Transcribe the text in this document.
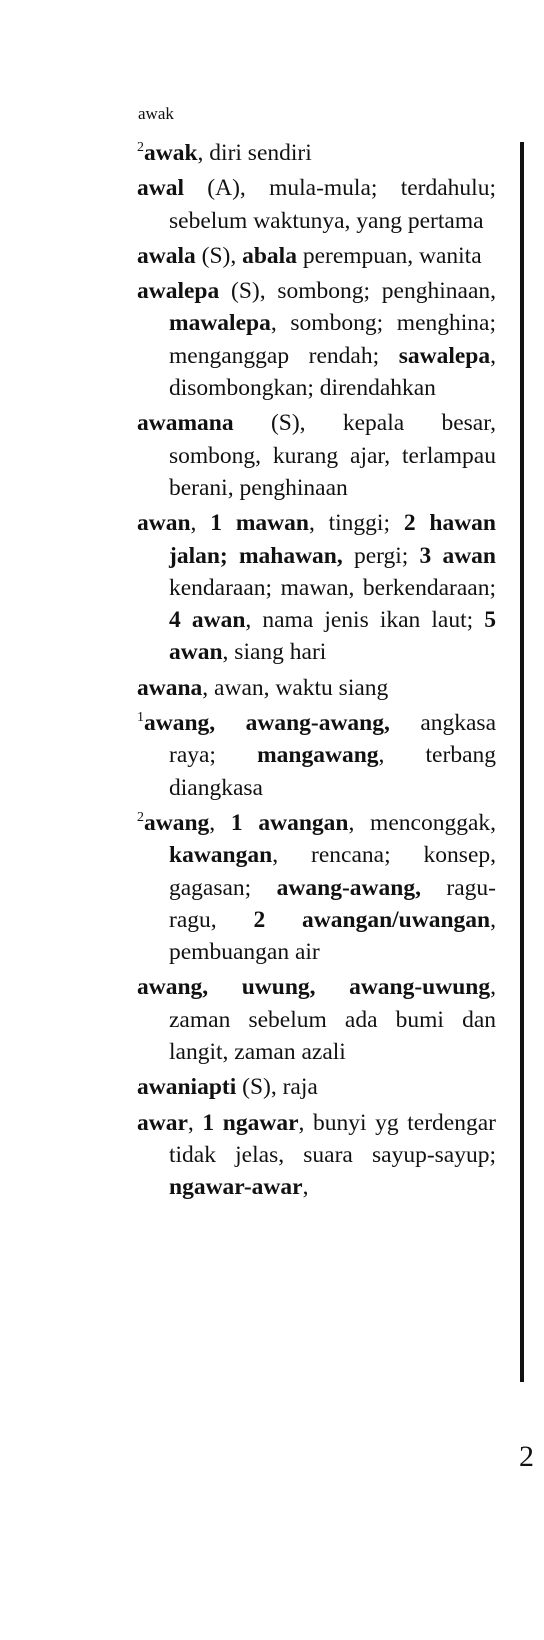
awak

$^2$awak, diri sendiri

awal (A), mula-mula; terdahulu; sebelum waktunya, yang pertama

awala (S), abala perempuan, wanita

awalepa (S), sombong; penghinaan, mawalepa, sombong; menghina; menganggap rendah; sawalepa, disombongkan; direndahkan

awamana (S), kepala besar, sombong, kurang ajar, terlampau berani, penghinaan

awan, 1 mawan, tinggi; 2 hawan jalan; mahawan, pergi; 3 awan kendaraan; mawan, berkendaraan; 4 awan, nama jenis ikan laut; 5 awan, siang hari

awana, awan, waktu siang

$^1$awang, awang-awang, angkasa raya; mangawang, terbang diangkasa

$^2$awang, 1 awangan, menconggak, kawangan, rencana; konsep, gagasan; awang-awang, ragu-ragu, 2 awangan/uwangan, pembuangan air

awang, uwung, awang-uwung, zaman sebelum ada bumi dan langit, zaman azali

awaniapti (S), raja

awar, 1 ngawar, bunyi yg terdengar tidak jelas, suara sayup-sayup; ngawar-awar,

2
